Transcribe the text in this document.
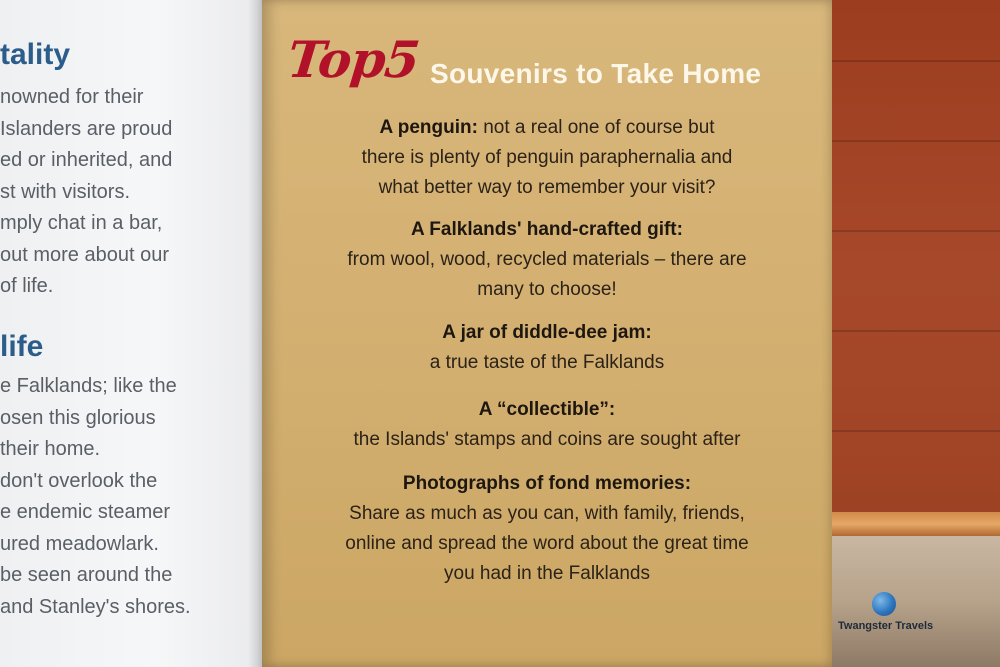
tality
nowned for their
Islanders are proud
ed or inherited, and
st with visitors.
mply chat in a bar,
out more about our
of life.
life
e Falklands; like the
osen this glorious
their home.
don't overlook the
e endemic steamer
ured meadowlark.
be seen around the
and Stanley's shores.
Top5 Souvenirs to Take Home

A penguin: not a real one of course but

there is plenty of penguin paraphernalia and

what better way to remember your visit?

A Falklands' hand-crafted gift:

from wool, wood, recycled materials – there are

many to choose!

A jar of diddle-dee jam:

a true taste of the Falklands

A “collectible”:

the Islands' stamps and coins are sought after

Photographs of fond memories:

Share as much as you can, with family, friends,

online and spread the word about the great time

you had in the Falklands

Twangster Travels
